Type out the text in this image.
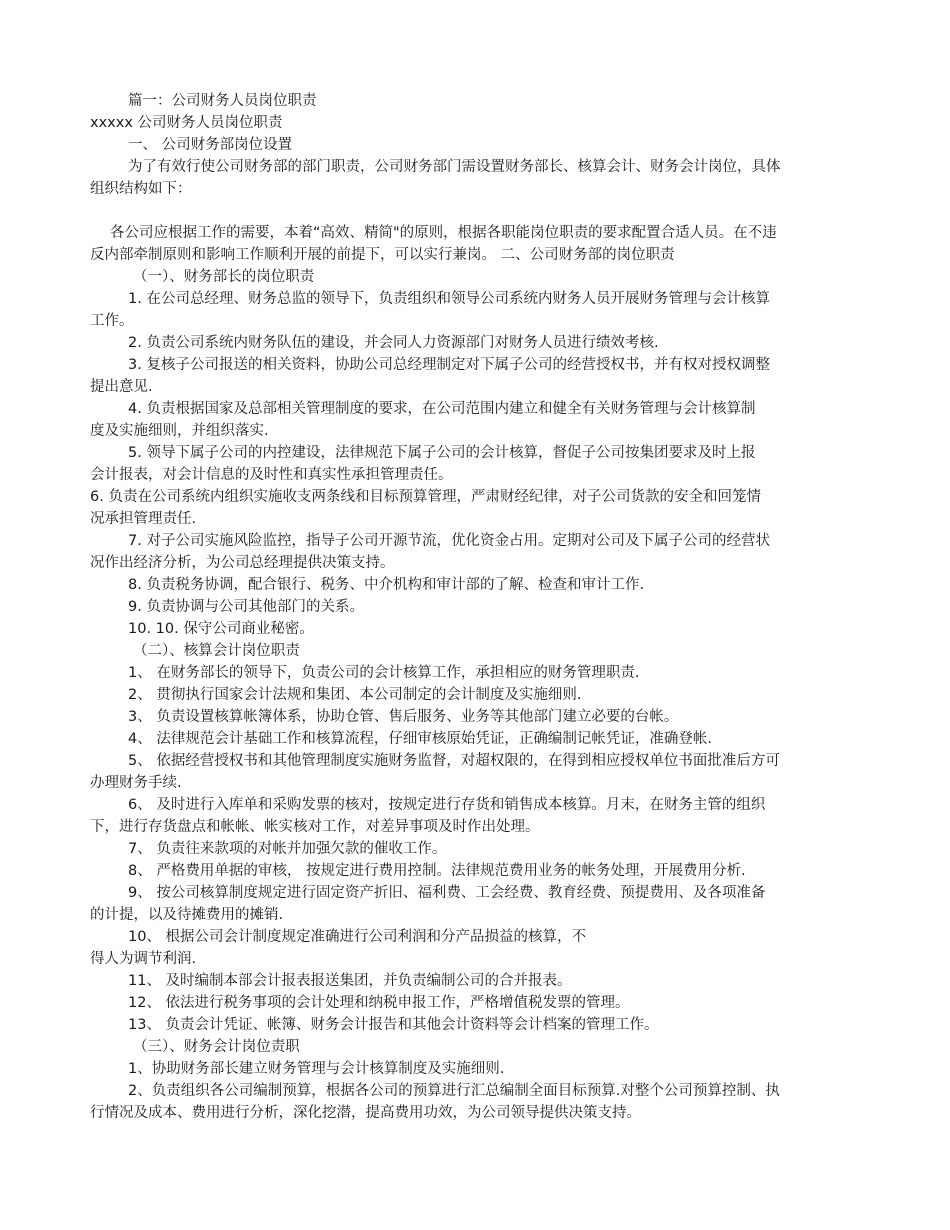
篇一：公司财务人员岗位职责

xxxxx 公司财务人员岗位职责

一、 公司财务部岗位设置

为了有效行使公司财务部的部门职责，公司财务部门需设置财务部长、核算会计、财务会计岗位，具体

组织结构如下：

各公司应根据工作的需要，本着“高效、精简"的原则，根据各职能岗位职责的要求配置合适人员。在不违

反内部牵制原则和影响工作顺利开展的前提下，可以实行兼岗。 二、公司财务部的岗位职责

（一）、财务部长的岗位职责

1. 在公司总经理、财务总监的领导下，负责组织和领导公司系统内财务人员开展财务管理与会计核算

工作。

2. 负责公司系统内财务队伍的建设，并会同人力资源部门对财务人员进行绩效考核.

3. 复核子公司报送的相关资料，协助公司总经理制定对下属子公司的经营授权书，并有权对授权调整

提出意见.

4. 负责根据国家及总部相关管理制度的要求，在公司范围内建立和健全有关财务管理与会计核算制

度及实施细则，并组织落实.

5. 领导下属子公司的内控建设，法律规范下属子公司的会计核算，督促子公司按集团要求及时上报

会计报表，对会计信息的及时性和真实性承担管理责任。

6. 负责在公司系统内组织实施收支两条线和目标预算管理，严肃财经纪律，对子公司货款的安全和回笼情

况承担管理责任.

7. 对子公司实施风险监控，指导子公司开源节流，优化资金占用。定期对公司及下属子公司的经营状

况作出经济分析，为公司总经理提供决策支持。

8. 负责税务协调，配合银行、税务、中介机构和审计部的了解、检查和审计工作.

9. 负责协调与公司其他部门的关系。

10. 10. 保守公司商业秘密。

（二）、核算会计岗位职责

1、 在财务部长的领导下，负责公司的会计核算工作，承担相应的财务管理职责.

2、 贯彻执行国家会计法规和集团、本公司制定的会计制度及实施细则.

3、 负责设置核算帐簿体系，协助仓管、售后服务、业务等其他部门建立必要的台帐。

4、 法律规范会计基础工作和核算流程，仔细审核原始凭证，正确编制记帐凭证，准确登帐.

5、 依据经营授权书和其他管理制度实施财务监督，对超权限的，在得到相应授权单位书面批准后方可

办理财务手续.

6、 及时进行入库单和采购发票的核对，按规定进行存货和销售成本核算。月末，在财务主管的组织

下，进行存货盘点和帐帐、帐实核对工作，对差异事项及时作出处理。

7、 负责往来款项的对帐并加强欠款的催收工作。

8、 严格费用单据的审核， 按规定进行费用控制。法律规范费用业务的帐务处理，开展费用分析.

9、 按公司核算制度规定进行固定资产折旧、福利费、工会经费、教育经费、预提费用、及各项准备

的计提，以及待摊费用的摊销.

10、 根据公司会计制度规定准确进行公司利润和分产品损益的核算，不

得人为调节利润.

11、 及时编制本部会计报表报送集团，并负责编制公司的合并报表。

12、 依法进行税务事项的会计处理和纳税申报工作，严格增值税发票的管理。

13、 负责会计凭证、帐簿、财务会计报告和其他会计资料等会计档案的管理工作。

（三）、财务会计岗位责职

1、协助财务部长建立财务管理与会计核算制度及实施细则.

2、负责组织各公司编制预算，根据各公司的预算进行汇总编制全面目标预算.对整个公司预算控制、执

行情况及成本、费用进行分析，深化挖潜，提高费用功效，为公司领导提供决策支持。
